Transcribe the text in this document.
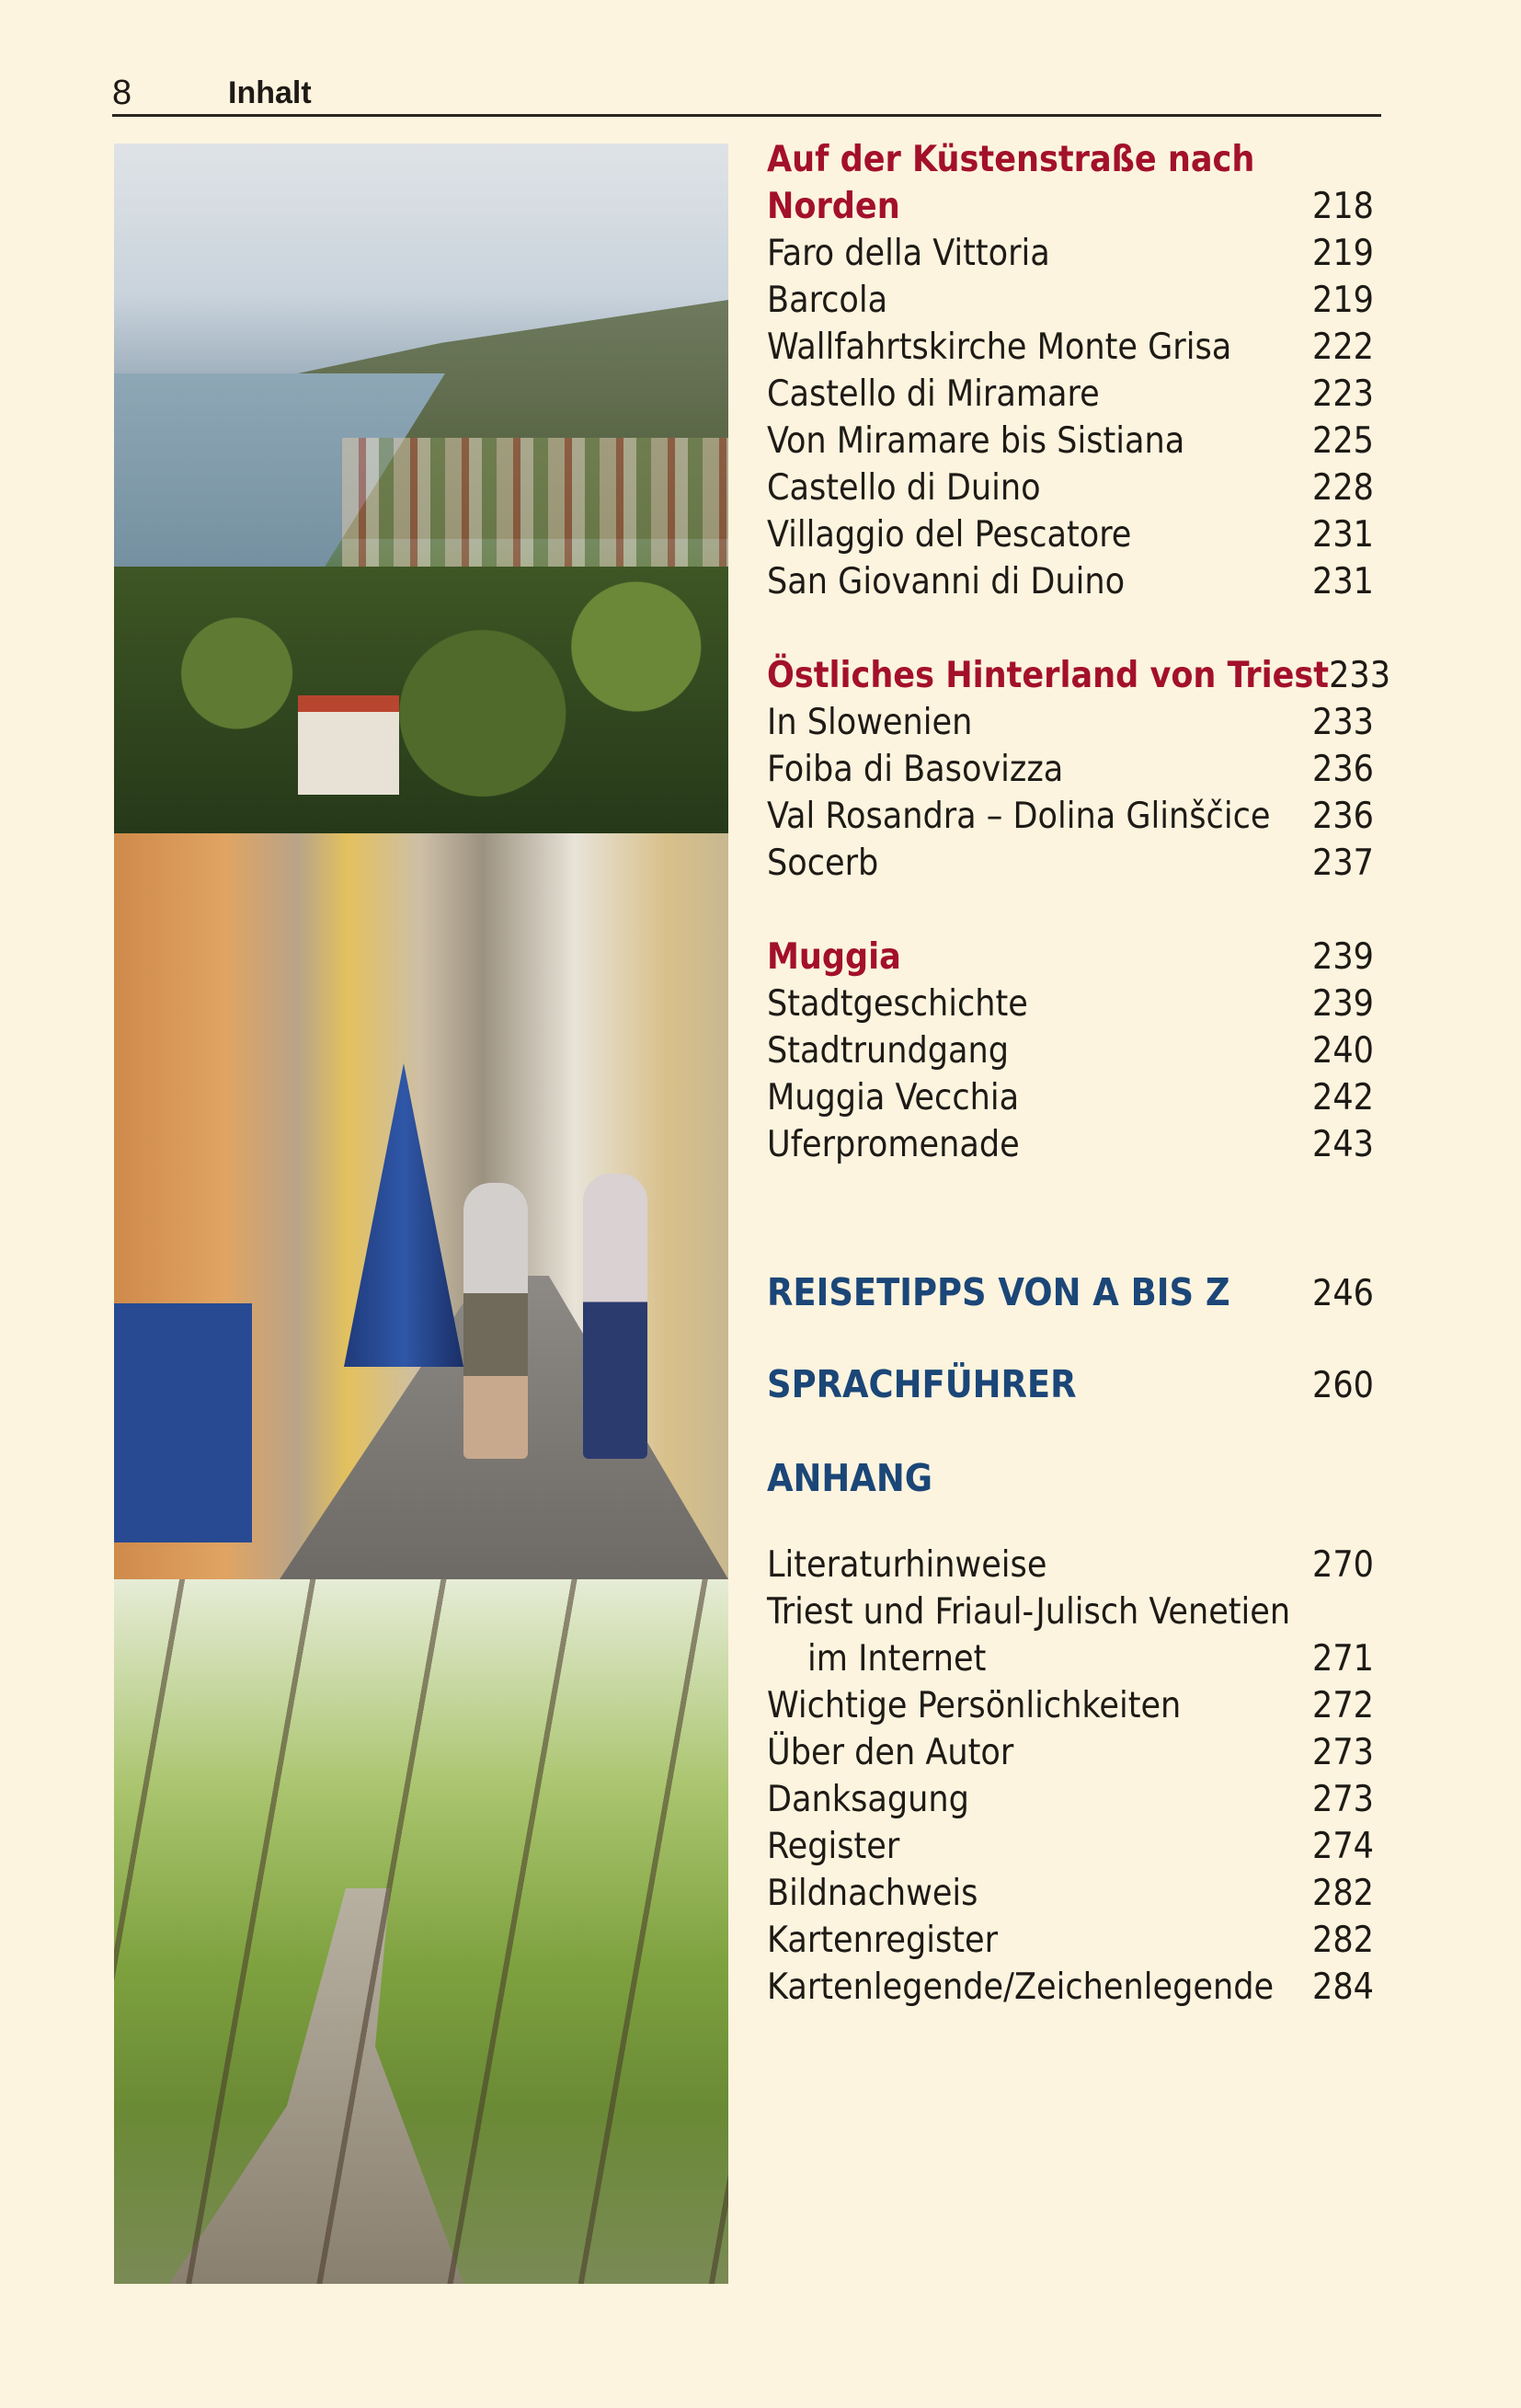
8	Inhalt
Auf der Küstenstraße nach
Norden	218
Faro della Vittoria	219
Barcola	219
Wallfahrtskirche Monte Grisa 222
Castello di Miramare	223
Von Miramare bis Sistiana	225
Castello di Duino	228
Villaggio del Pescatore	231
San Giovanni di Duino	231
Östliches Hinterland von Triest 233
In Slowenien	233
Foiba di Basovizza	236
Val Rosandra – Dolina Glinščice 236
Socerb	237
Muggia	239
Stadtgeschichte	239
Stadtrundgang	240
Muggia Vecchia	242
Uferpromenade	243
REISETIPPS VON A BIS Z 246
SPRACHFÜHRER	260
ANHANG
Literaturhinweise	270
Triest und Friaul-Julisch Venetien
im Internet	271
Wichtige Persönlichkeiten	272
Über den Autor	273
Danksagung	273
Register	274
Bildnachweis	282
Kartenregister	282
Kartenlegende/Zeichenlegende 284
